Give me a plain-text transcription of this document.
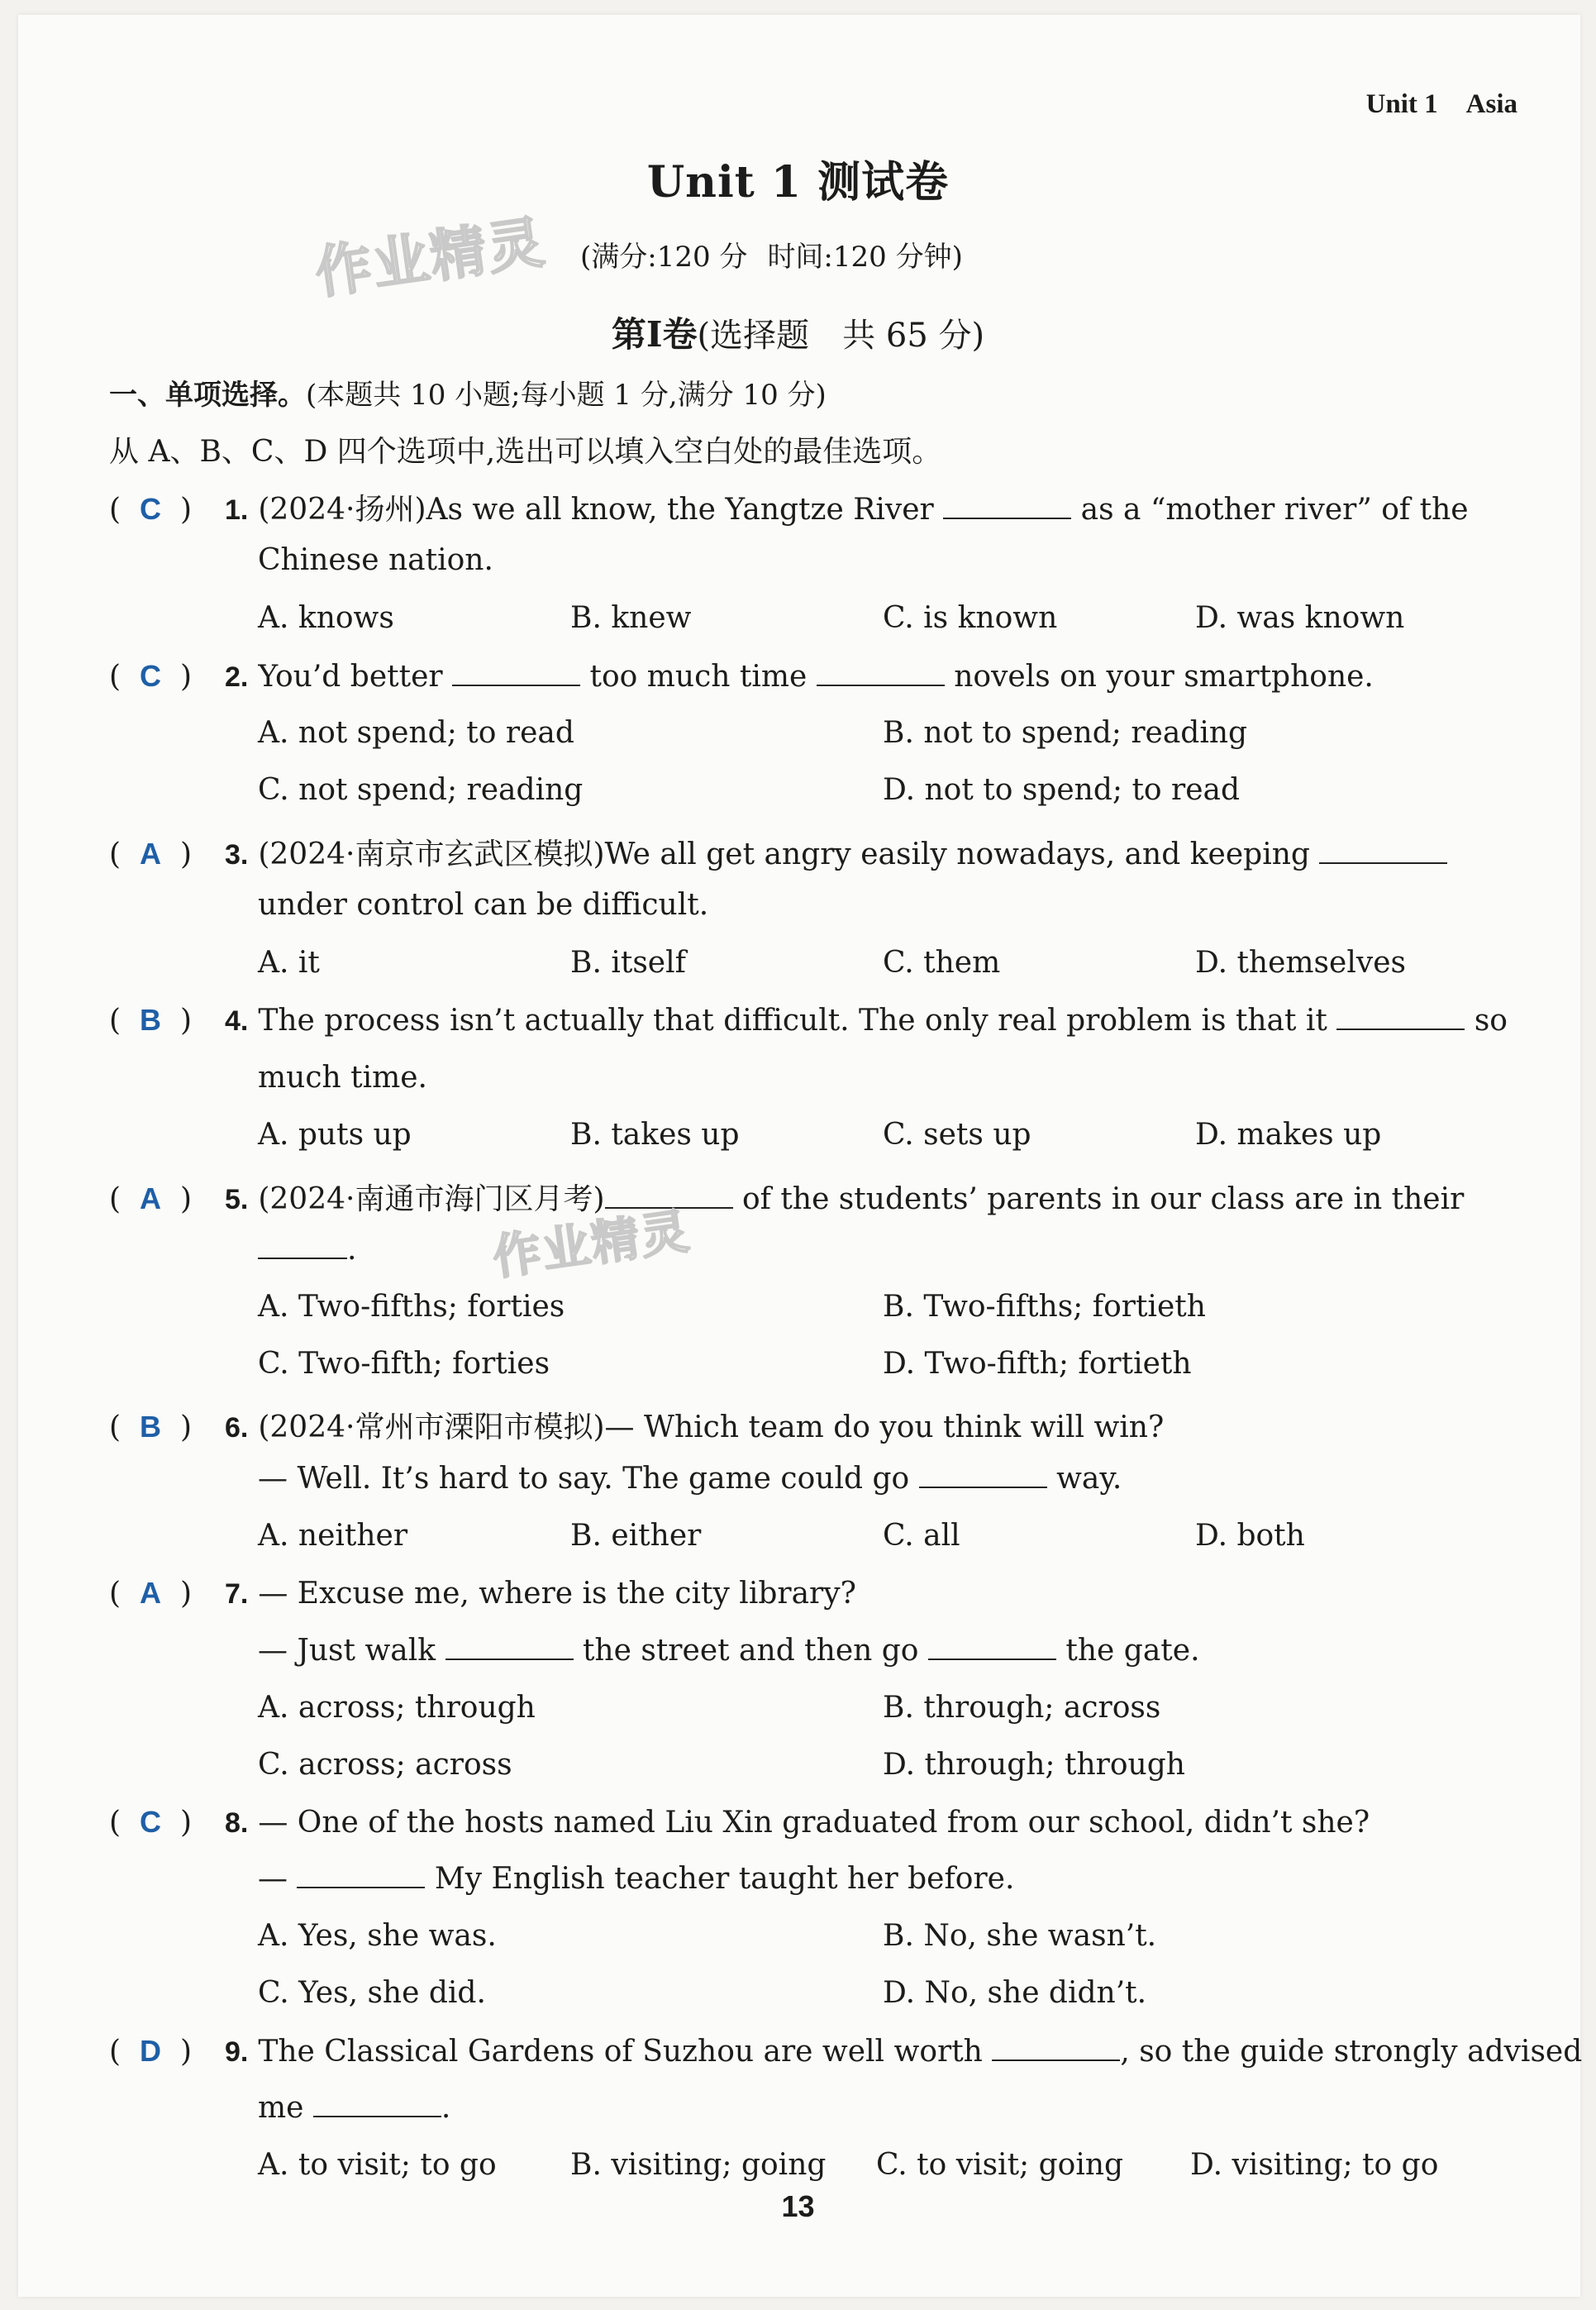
Unit 1 Asia
Unit 1 测试卷
作业精灵	(满分:120 分 时间:120 分钟)
第Ⅰ卷(选择题　共 65 分)
一、单项选择。(本题共 10 小题;每小题 1 分,满分 10 分)
从 A、B、C、D 四个选项中,选出可以填入空白处的最佳选项。
( C ) 1. (2024·扬州)As we all know, the Yangtze River	as a “mother river” of the
Chinese nation.
A. knows	B. knew	C. is known	D. was known
( C ) 2. You’d better	too much time	novels on your smartphone.
A. not spend; to read	B. not to spend; reading
C. not spend; reading	D. not to spend; to read
( A ) 3. (2024·南京市玄武区模拟)We all get angry easily nowadays, and keeping
under control can be difficult.
A. it	B. itself	C. them	D. themselves
( B ) 4. The process isn’t actually that difficult. The only real problem is that it	so
much time.
A. puts up	B. takes up	C. sets up	D. makes up
( A ) 5. (2024·南通市海门区月考)	of the students’ parents in our class are in their
.	作业精灵
A. Two-fifths; forties	B. Two-fifths; fortieth
C. Two-fifth; forties	D. Two-fifth; fortieth
( B ) 6. (2024·常州市溧阳市模拟)— Which team do you think will win?
— Well. It’s hard to say. The game could go	way.
A. neither	B. either	C. all	D. both
( A ) 7. — Excuse me, where is the city library?
— Just walk	the street and then go	the gate.
A. across; through	B. through; across
C. across; across	D. through; through
( C ) 8. — One of the hosts named Liu Xin graduated from our school, didn’t she?
—	My English teacher taught her before.
A. Yes, she was.	B. No, she wasn’t.
C. Yes, she did.	D. No, she didn’t.
( D ) 9. The Classical Gardens of Suzhou are well worth	, so the guide strongly advised
me	.
A. to visit; to go B. visiting; going C. to visit; going D. visiting; to go
13
